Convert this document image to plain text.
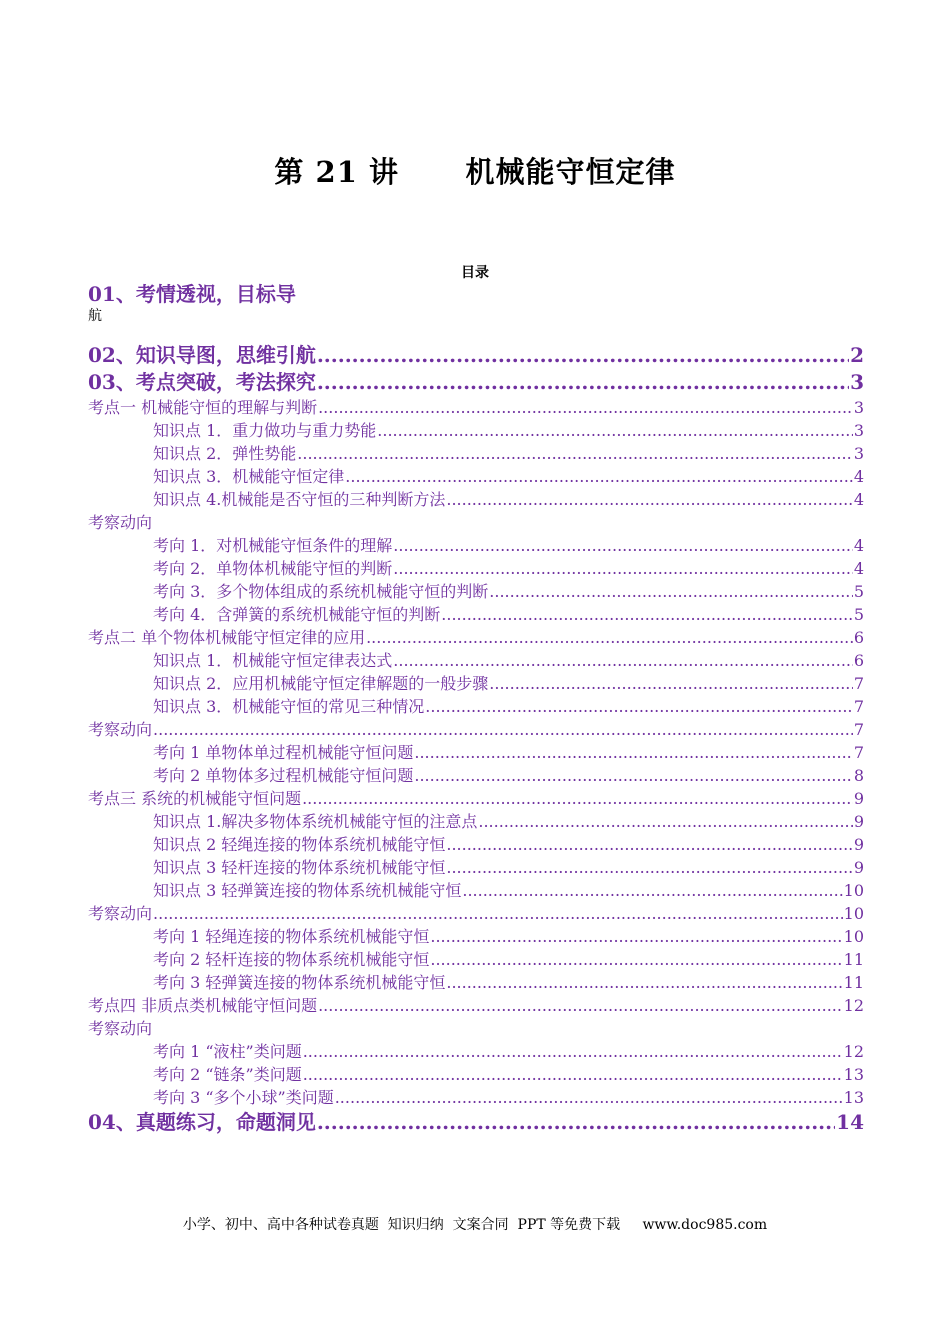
第 21 讲      机械能守恒定律
目录
01、考情透视，目标导
航
02、知识导图，思维引航 .....	2
03、考点突破，考法探究 .....	3
考点一 机械能守恒的理解与判断 .....	3
知识点 1．重力做功与重力势能 .....	3
知识点 2．弹性势能 .....	3
知识点 3．机械能守恒定律 .....	4
知识点 4.机械能是否守恒的三种判断方法 .....	4
考察动向
考向 1．对机械能守恒条件的理解 .....	4
考向 2．单物体机械能守恒的判断 .....	4
考向 3．多个物体组成的系统机械能守恒的判断 .....	5
考向 4．含弹簧的系统机械能守恒的判断 .....	5
考点二 单个物体机械能守恒定律的应用 .....	6
知识点 1．机械能守恒定律表达式 .....	6
知识点 2．应用机械能守恒定律解题的一般步骤 .....	7
知识点 3．机械能守恒的常见三种情况 .....	7
考察动向 .....	7
考向 1 单物体单过程机械能守恒问题 .....	7
考向 2 单物体多过程机械能守恒问题 .....	8
考点三 系统的机械能守恒问题 .....	9
知识点 1.解决多物体系统机械能守恒的注意点 .....	9
知识点 2 轻绳连接的物体系统机械能守恒 .....	9
知识点 3 轻杆连接的物体系统机械能守恒 .....	9
知识点 3 轻弹簧连接的物体系统机械能守恒 .....	10
考察动向 .....	10
考向 1 轻绳连接的物体系统机械能守恒 .....	10
考向 2 轻杆连接的物体系统机械能守恒 .....	11
考向 3 轻弹簧连接的物体系统机械能守恒 .....	11
考点四 非质点类机械能守恒问题 .....	12
考察动向
考向 1 “液柱”类问题 .....	12
考向 2 “链条”类问题 .....	13
考向 3 “多个小球”类问题 .....	13
04、真题练习，命题洞见 .....	14
小学、初中、高中各种试卷真题  知识归纳  文案合同  PPT 等免费下载     www.doc985.com
